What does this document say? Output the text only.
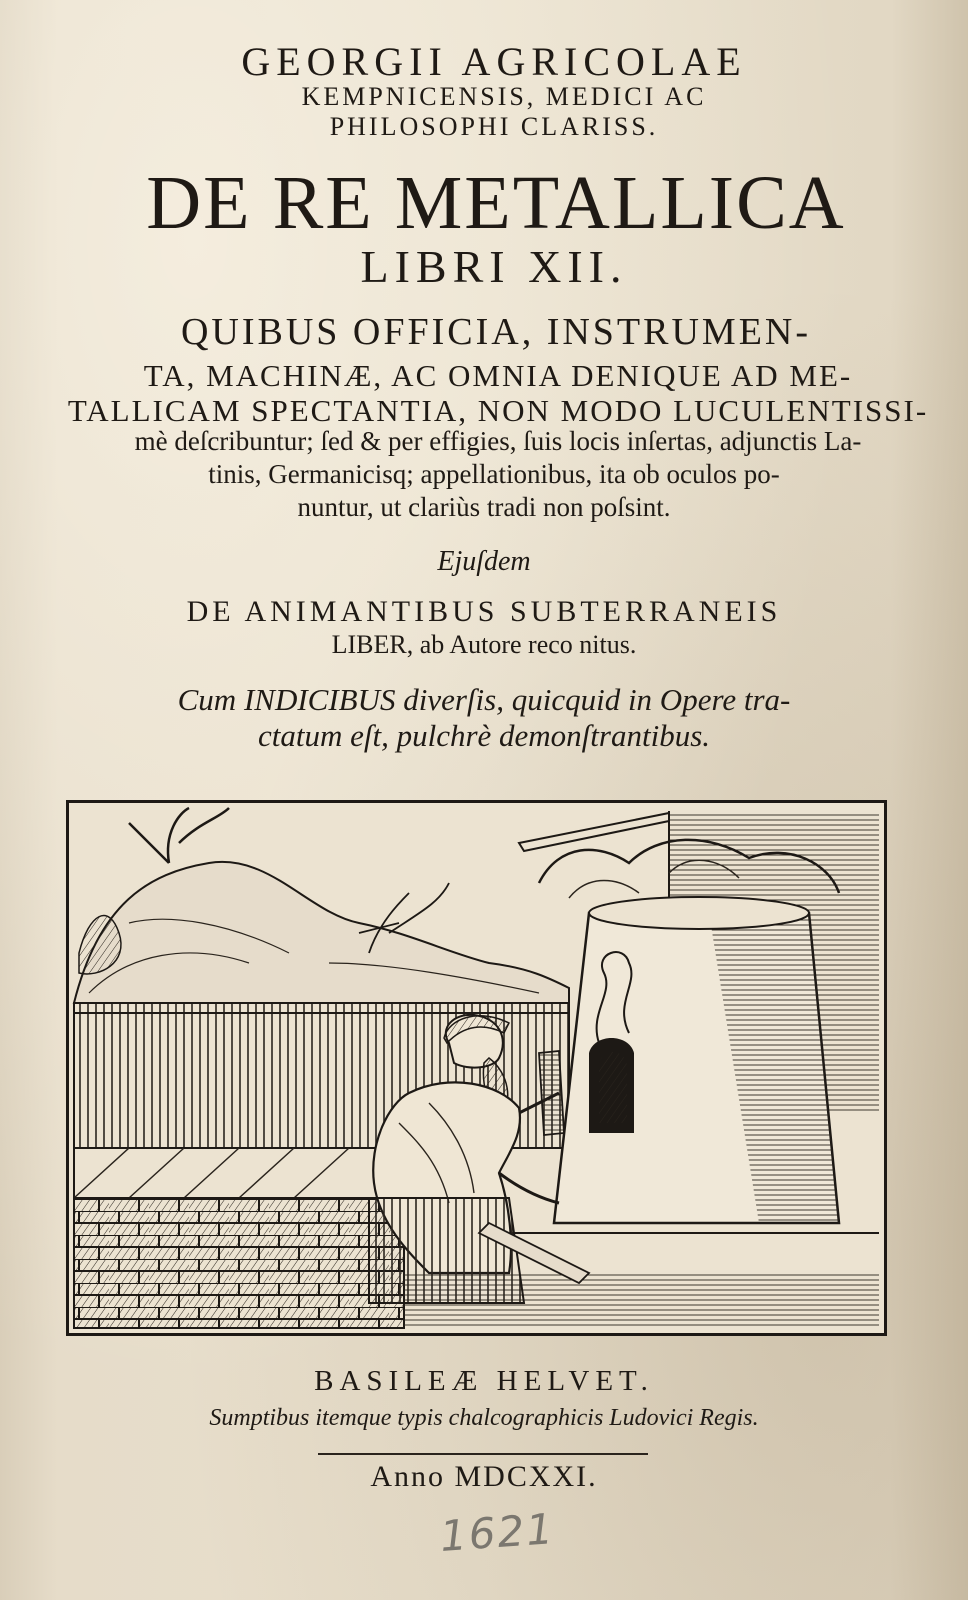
GEORGII AGRICOLAE
KEMPNICENSIS, MEDICI AC
PHILOSOPHI CLARISS.
DE RE METALLICA
LIBRI XII.
QUIBUS OFFICIA, INSTRUMEN-
TA, MACHINÆ, AC OMNIA DENIQUE AD ME-
TALLICAM SPECTANTIA, NON MODO LUCULENTISSI-
mè deſcribuntur; ſed & per effigies, ſuis locis inſertas, adjunctis La-
tinis, Germanicisq; appellationibus, ita ob oculos po-
nuntur, ut clariùs tradi non poſsint.
Ejuſdem
DE ANIMANTIBUS SUBTERRANEIS
LIBER, ab Autore reco nitus.
Cum INDICIBUS diverſis, quicquid in Opere tra-
ctatum eſt, pulchrè demonſtrantibus.
BASILEÆ HELVET.
Sumptibus itemque typis chalcographicis Ludovici Regis.
Anno MDCXXI.
1621
